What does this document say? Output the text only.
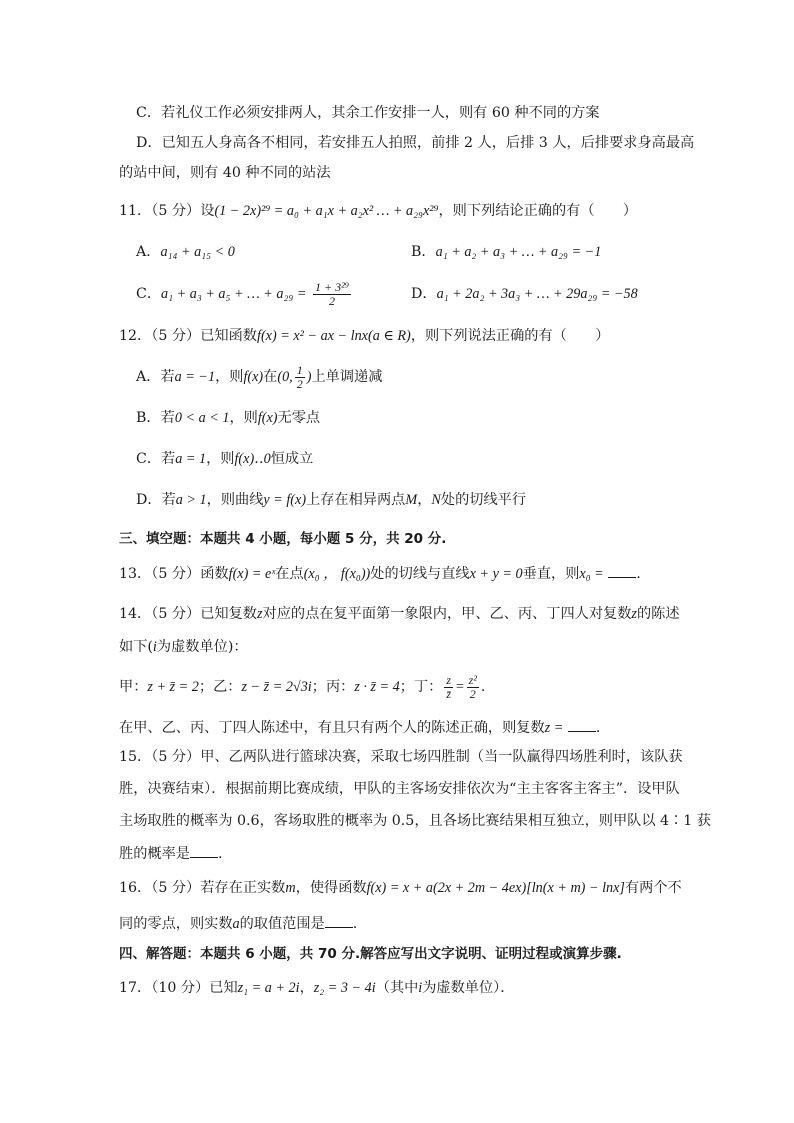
C．若礼仪工作必须安排两人，其余工作安排一人，则有 60 种不同的方案
D．已知五人身高各不相同，若安排五人拍照，前排 2 人，后排 3 人，后排要求身高最高
的站中间，则有 40 种不同的站法
11．（5 分）设(1 − 2x)²⁹ = a₀ + a₁x + a₂x² … + a₂₉x²⁹，则下列结论正确的有（　　）
A．a₁₄ + a₁₅ < 0	B．a₁ + a₂ + a₃ + … + a₂₉ = −1
C．a₁ + a₃ + a₅ + … + $a_{29} = \frac{\text{1 + 3²⁹}}{2}$	D．a₁ + 2a₂ + 3a₃ + … + 29a₂₉ = −58
12．（5 分）已知函数f(x) = x² − ax − lnx(a ∈ R)，则下列说法正确的有（　　）
A．若a = −1，则f(x)在(0, $\frac{1}{2}$ )上单调递减
B．若0 < a < 1，则f(x)无零点
C．若a = 1，则f(x)‥0恒成立
D．若a > 1，则曲线y = f(x)上存在相异两点M，N处的切线平行
三、填空题：本题共 4 小题，每小题 5 分，共 20 分.
13．（5 分）函数f(x) = eˣ在点(x₀ ， f(x₀))处的切线与直线x + y = 0垂直，则x₀ = .
14．（5 分）已知复数z对应的点在复平面第一象限内，甲、乙、丙、丁四人对复数z的陈述
如下(i为虚数单位)：
甲：z + z̄ = 2；乙：z − z̄ = 2√3i；丙：z · z̄ = 4；丁： $\frac{z}{z̄} = \frac{\text{z²}}{2}$ .
在甲、乙、丙、丁四人陈述中，有且只有两个人的陈述正确，则复数z = .
15．（5 分）甲、乙两队进行篮球决赛，采取七场四胜制（当一队赢得四场胜利时，该队获
胜，决赛结束）．根据前期比赛成绩，甲队的主客场安排依次为“主主客客主客主”．设甲队
主场取胜的概率为 0.6，客场取胜的概率为 0.5，且各场比赛结果相互独立，则甲队以 4∶1 获
胜的概率是 .
16．（5 分）若存在正实数m，使得函数f(x) = x + a(2x + 2m − 4ex)[ln(x + m) − lnx]有两个不
同的零点，则实数a的取值范围是 .
四、解答题：本题共 6 小题，共 70 分.解答应写出文字说明、证明过程或演算步骤.
17．（10 分）已知z₁ = a + 2i，z₂ = 3 − 4i（其中i为虚数单位）．
